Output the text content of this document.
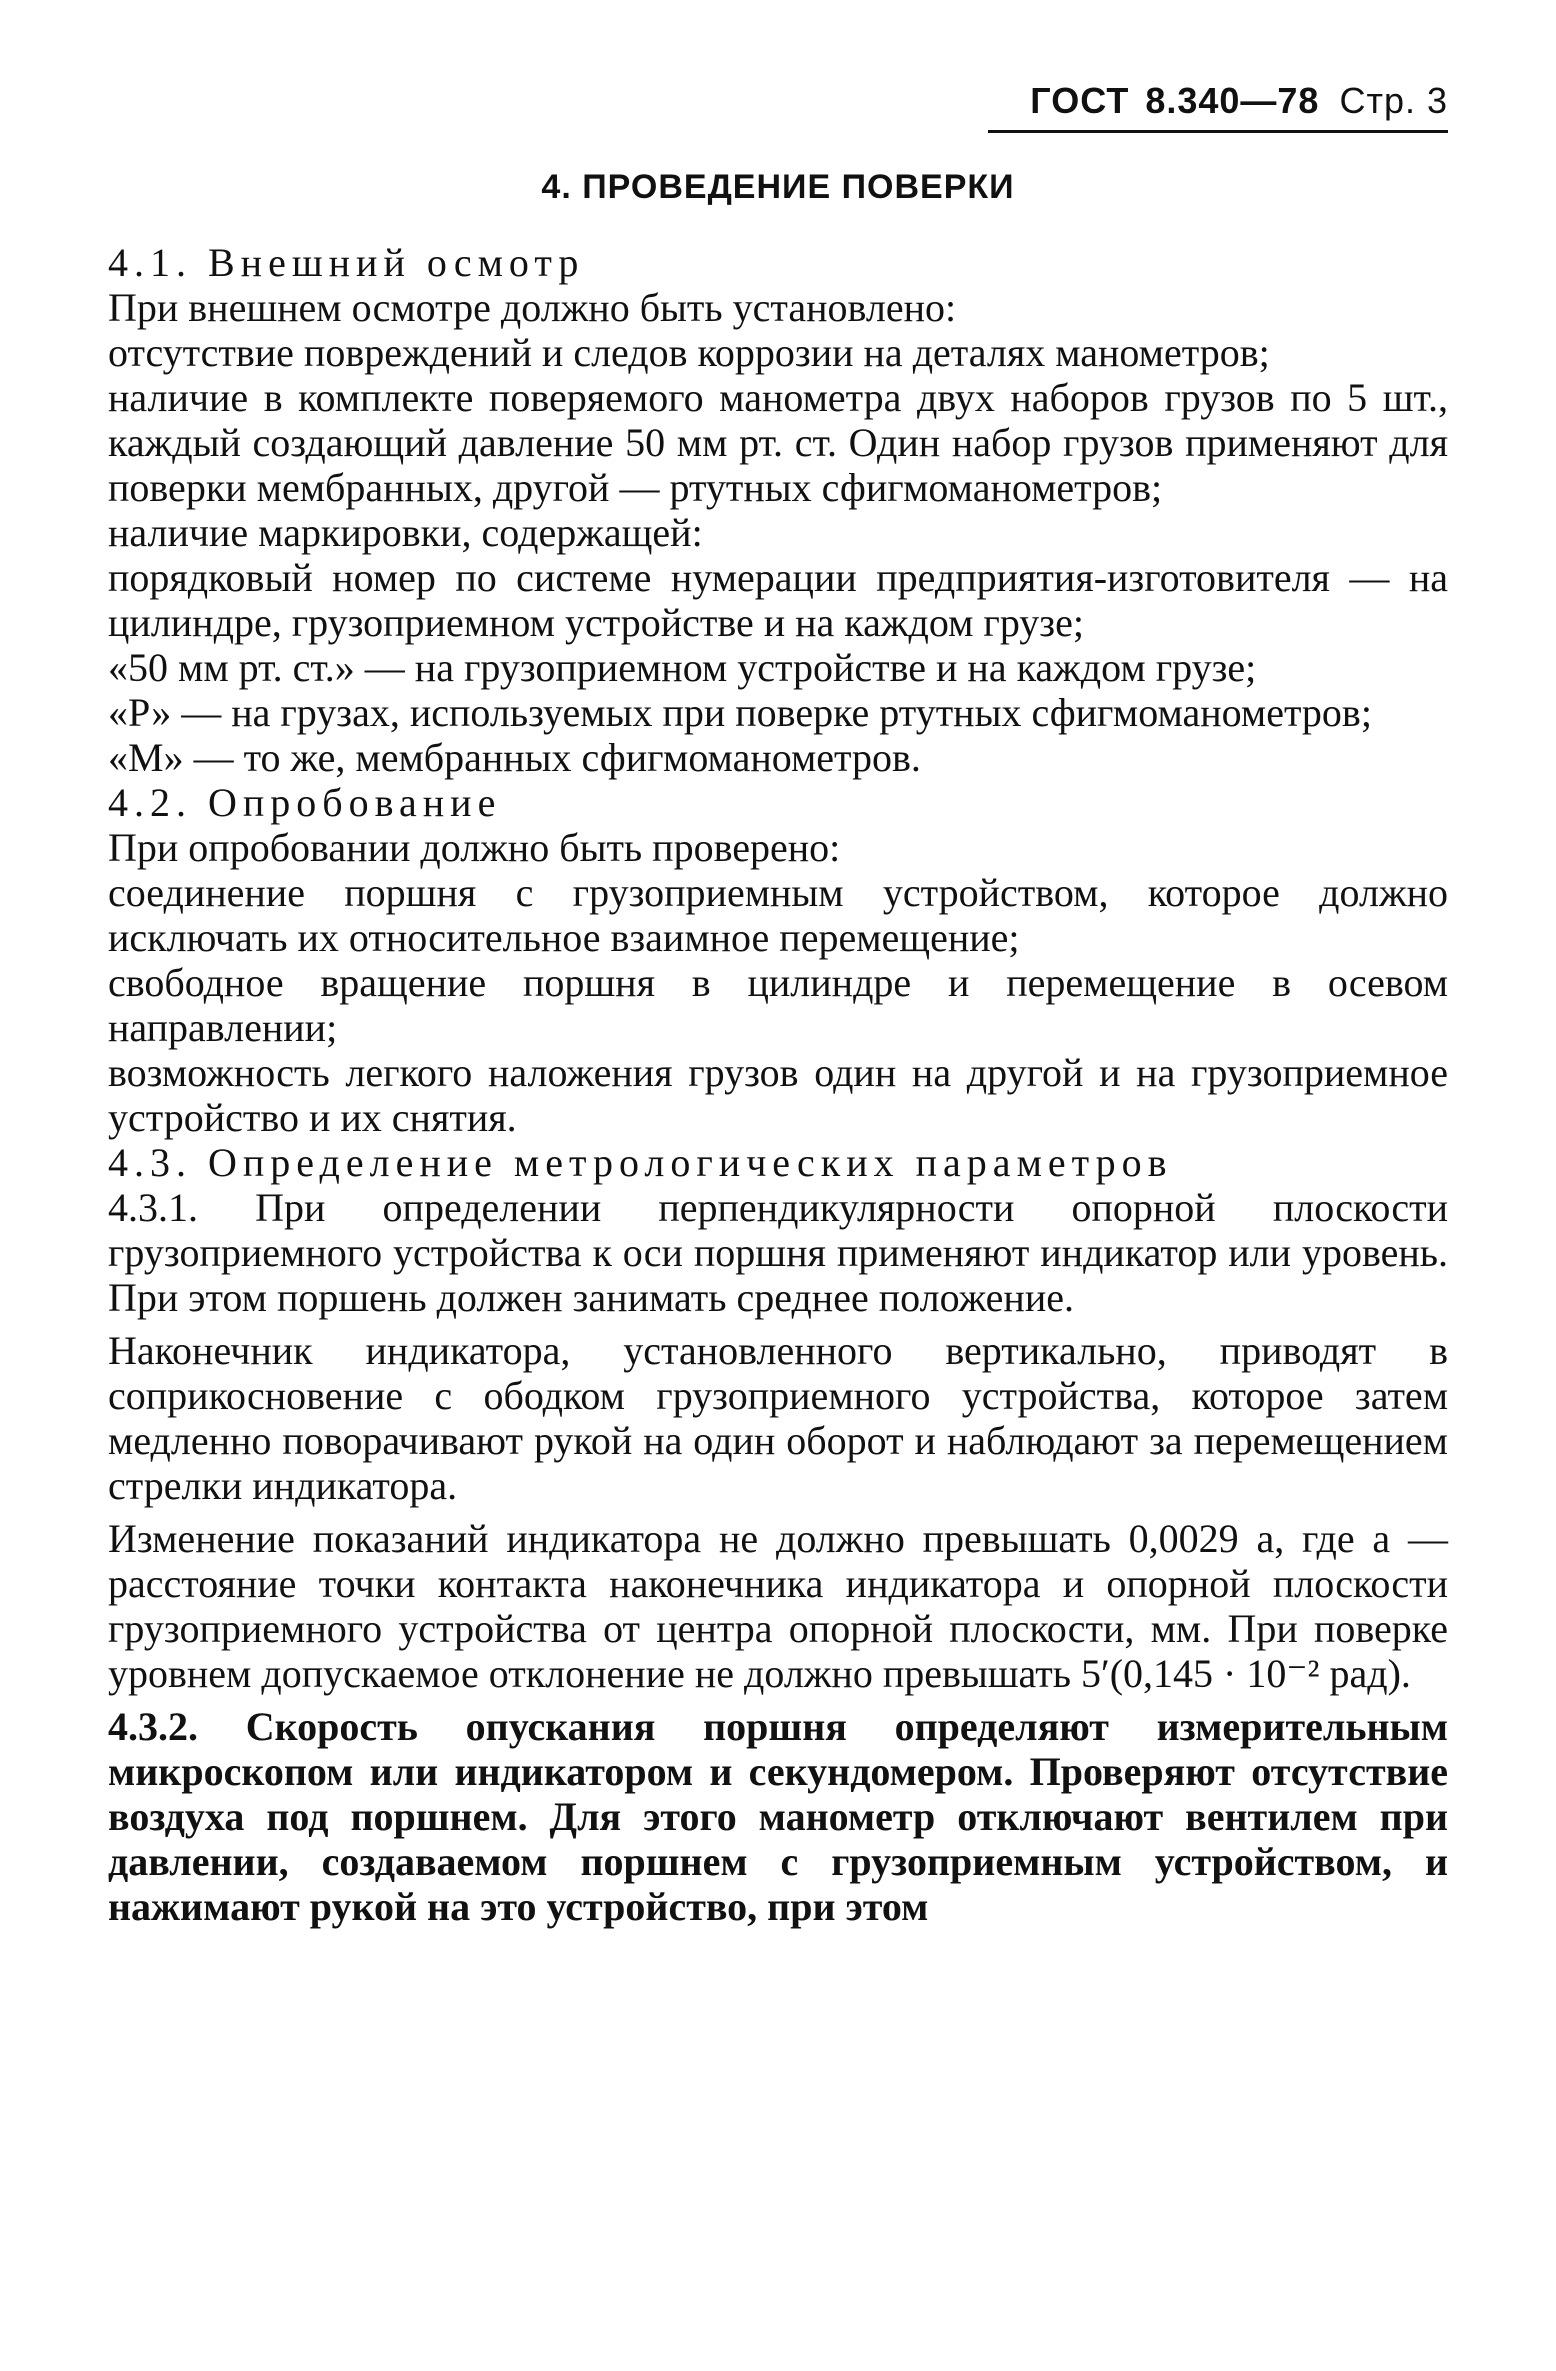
ГОСТ 8.340—78 Стр. 3
4. ПРОВЕДЕНИЕ ПОВЕРКИ

4.1. Внешний осмотр

При внешнем осмотре должно быть установлено:

отсутствие повреждений и следов коррозии на деталях манометров;

наличие в комплекте поверяемого манометра двух наборов грузов по 5 шт., каждый создающий давление 50 мм рт. ст. Один набор грузов применяют для поверки мембранных, другой — ртутных сфигмоманометров;

наличие маркировки, содержащей:

порядковый номер по системе нумерации предприятия-изготовителя — на цилиндре, грузоприемном устройстве и на каждом грузе;

«50 мм рт. ст.» — на грузоприемном устройстве и на каждом грузе;

«Р» — на грузах, используемых при поверке ртутных сфигмоманометров;

«М» — то же, мембранных сфигмоманометров.

4.2. Опробование

При опробовании должно быть проверено:

соединение поршня с грузоприемным устройством, которое должно исключать их относительное взаимное перемещение;

свободное вращение поршня в цилиндре и перемещение в осевом направлении;

возможность легкого наложения грузов один на другой и на грузоприемное устройство и их снятия.

4.3. Определение метрологических параметров

4.3.1. При определении перпендикулярности опорной плоскости грузоприемного устройства к оси поршня применяют индикатор или уровень. При этом поршень должен занимать среднее положение.

Наконечник индикатора, установленного вертикально, приводят в соприкосновение с ободком грузоприемного устройства, которое затем медленно поворачивают рукой на один оборот и наблюдают за перемещением стрелки индикатора.

Изменение показаний индикатора не должно превышать 0,0029 а, где а — расстояние точки контакта наконечника индикатора и опорной плоскости грузоприемного устройства от центра опорной плоскости, мм. При поверке уровнем допускаемое отклонение не должно превышать 5′(0,145 · 10⁻² рад).

4.3.2. Скорость опускания поршня определяют измерительным микроскопом или индикатором и секундомером. Проверяют отсутствие воздуха под поршнем. Для этого манометр отключают вентилем при давлении, создаваемом поршнем с грузоприемным устройством, и нажимают рукой на это устройство, при этом
